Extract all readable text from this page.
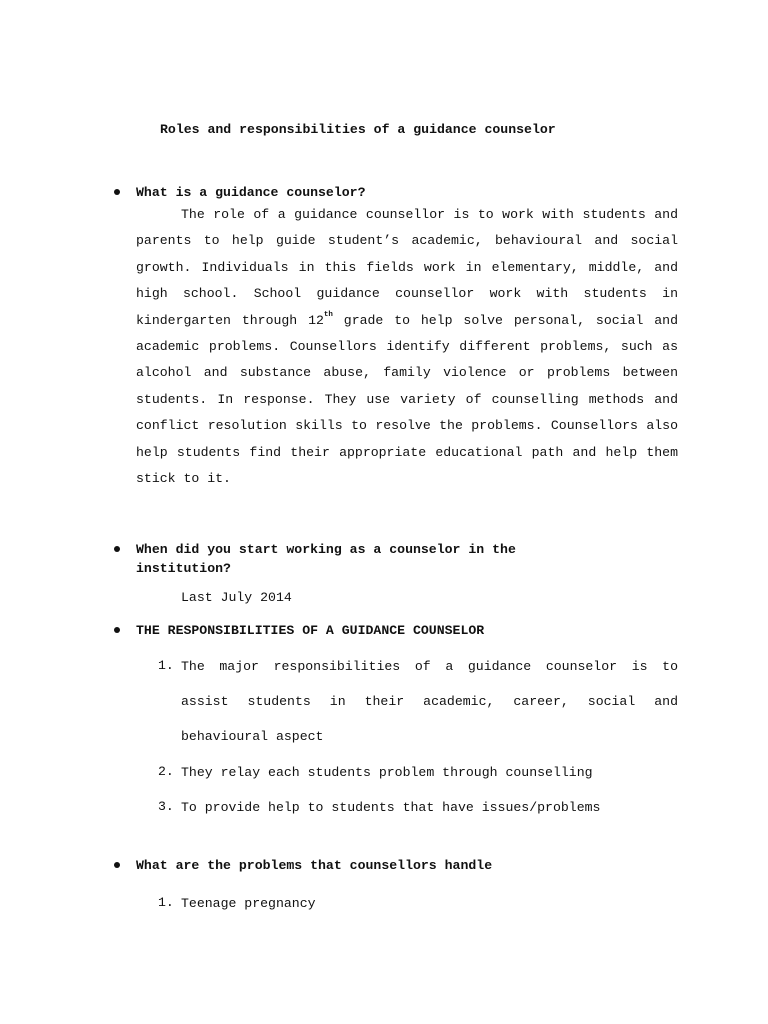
Roles and responsibilities of a guidance counselor

What is a guidance counselor?

The role of a guidance counsellor is to work with students and parents to help guide student’s academic, behavioural and social growth. Individuals in this fields work in elementary, middle, and high school. School guidance counsellor work with students in kindergarten through 12th grade to help solve personal, social and academic problems. Counsellors identify different problems, such as alcohol and substance abuse, family violence or problems between students. In response. They use variety of counselling methods and conflict resolution skills to resolve the problems. Counsellors also help students find their appropriate educational path and help them stick to it.

When did you start working as a counselor in the institution?

Last July 2014

THE RESPONSIBILITIES OF A GUIDANCE COUNSELOR

1. The major responsibilities of a guidance counselor is to assist students in their academic, career, social and behavioural aspect

2. They relay each students problem through counselling

3. To provide help to students that have issues/problems

What are the problems that counsellors handle

1. Teenage pregnancy
